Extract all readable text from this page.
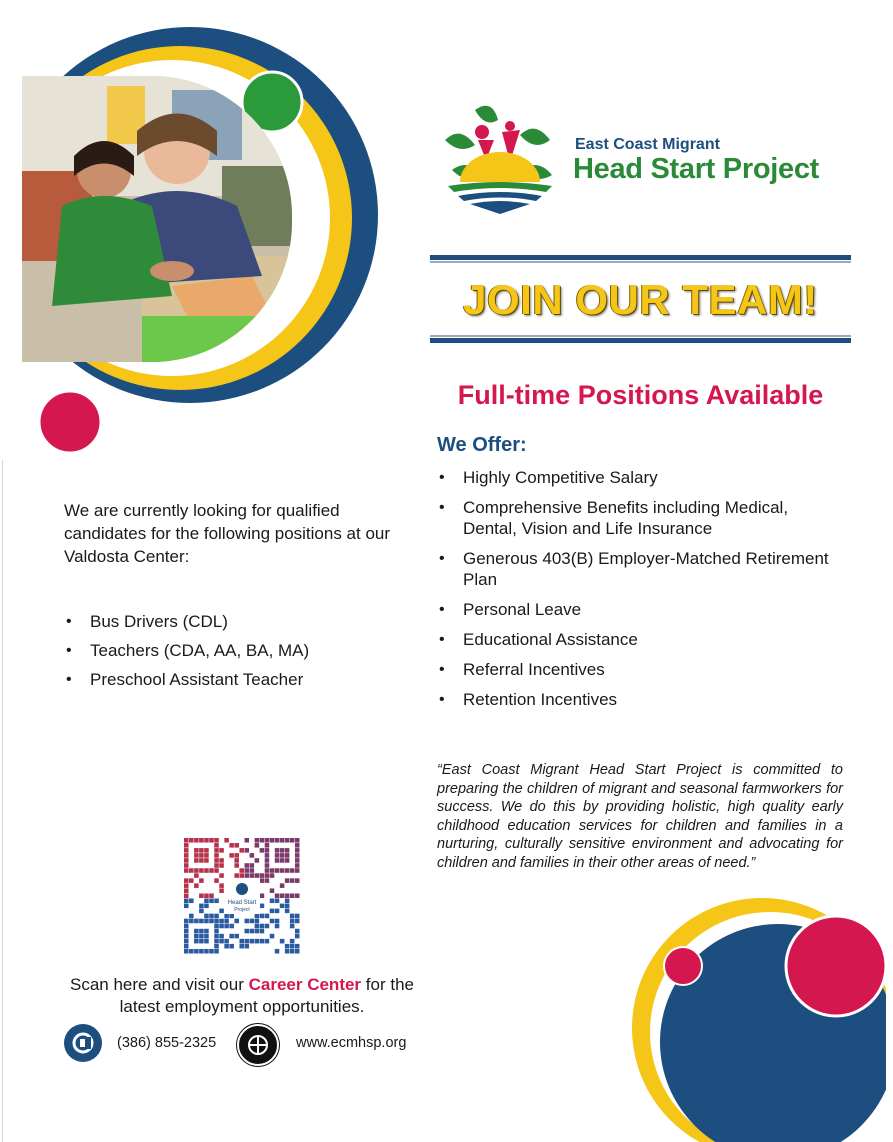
East Coast Migrant
Head Start Project
JOIN OUR TEAM!
Full-time Positions Available
We Offer:
• Highly Competitive Salary
• Comprehensive Benefits including Medical, Dental, Vision and Life Insurance
• Generous 403(B) Employer-Matched Retirement Plan
• Personal Leave
• Educational Assistance
• Referral Incentives
• Retention Incentives
We are currently looking for qualified candidates for the following positions at our Valdosta Center:
• Bus Drivers (CDL)
• Teachers (CDA, AA, BA, MA)
• Preschool Assistant Teacher
“East Coast Migrant Head Start Project is committed to preparing the children of migrant and seasonal farmworkers for success. We do this by providing holistic, high quality early childhood education services for children and families in a nurturing, culturally sensitive environment and advocating for children and families in their other areas of need.”
Head Start
Project
Scan here and visit our Career Center for the latest employment opportunities.
(386) 855-2325	www.ecmhsp.org
